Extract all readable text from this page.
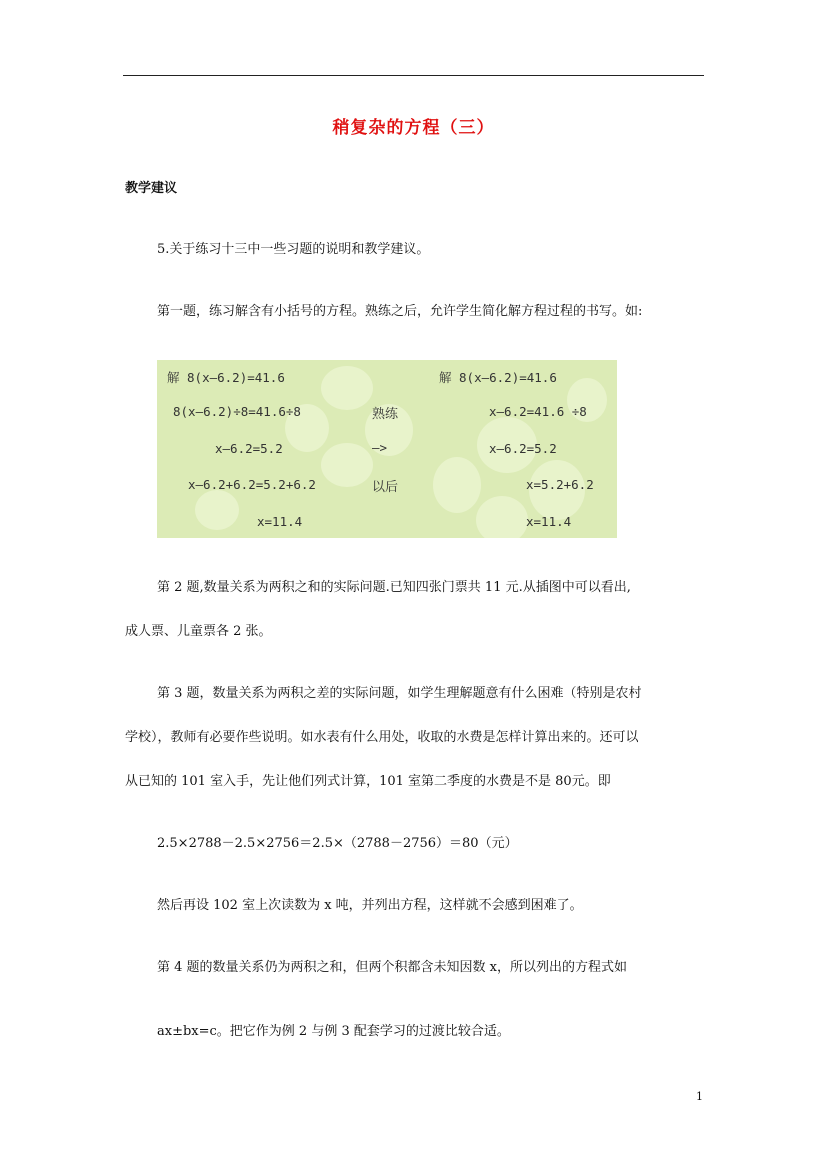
稍复杂的方程（三）
教学建议
5.关于练习十三中一些习题的说明和教学建议。
第一题，练习解含有小括号的方程。熟练之后，允许学生简化解方程过程的书写。如:
解 8(x—6.2)=41.6
8(x—6.2)÷8=41.6÷8
x—6.2=5.2
x—6.2+6.2=5.2+6.2
x=11.4
熟练
—>
以后
解 8(x—6.2)=41.6
x—6.2=41.6 ÷8
x—6.2=5.2
x=5.2+6.2
x=11.4
第 2 题,数量关系为两积之和的实际问题.已知四张门票共 11 元.从插图中可以看出,
成人票、儿童票各 2 张。
第 3 题，数量关系为两积之差的实际问题，如学生理解题意有什么困难（特别是农村
学校），教师有必要作些说明。如水表有什么用处，收取的水费是怎样计算出来的。还可以
从已知的 101 室入手，先让他们列式计算，101 室第二季度的水费是不是 80元。即
2.5×2788－2.5×2756＝2.5×（2788－2756）＝80（元）
然后再设 102 室上次读数为 x 吨，并列出方程，这样就不会感到困难了。
第 4 题的数量关系仍为两积之和，但两个积都含未知因数 x，所以列出的方程式如
ax±bx=c。把它作为例 2 与例 3 配套学习的过渡比较合适。
1
